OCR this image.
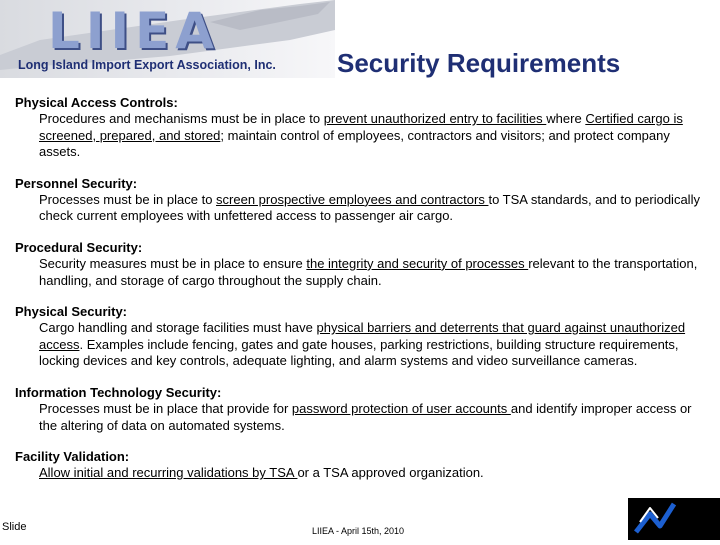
LIIEA
Long Island Import Export Association, Inc. Security Requirements
Physical Access Controls:
Procedures and mechanisms must be in place to prevent unauthorized entry to facilities where Certified cargo is screened, prepared, and stored; maintain control of employees, contractors and visitors; and protect company assets.
Personnel Security:
Processes must be in place to screen prospective employees and contractors to TSA standards, and to periodically check current employees with unfettered access to passenger air cargo.
Procedural Security:
Security measures must be in place to ensure the integrity and security of processes relevant to the transportation, handling, and storage of cargo throughout the supply chain.
Physical Security:
Cargo handling and storage facilities must have physical barriers and deterrents that guard against unauthorized access. Examples include fencing, gates and gate houses, parking restrictions, building structure requirements, locking devices and key controls, adequate lighting, and alarm systems and video surveillance cameras.
Information Technology Security:
Processes must be in place that provide for password protection of user accounts and identify improper access or the altering of data on automated systems.
Facility Validation:
Allow initial and recurring validations by TSA or a TSA approved organization.
Slide	LIIEA - April 15th, 2010
